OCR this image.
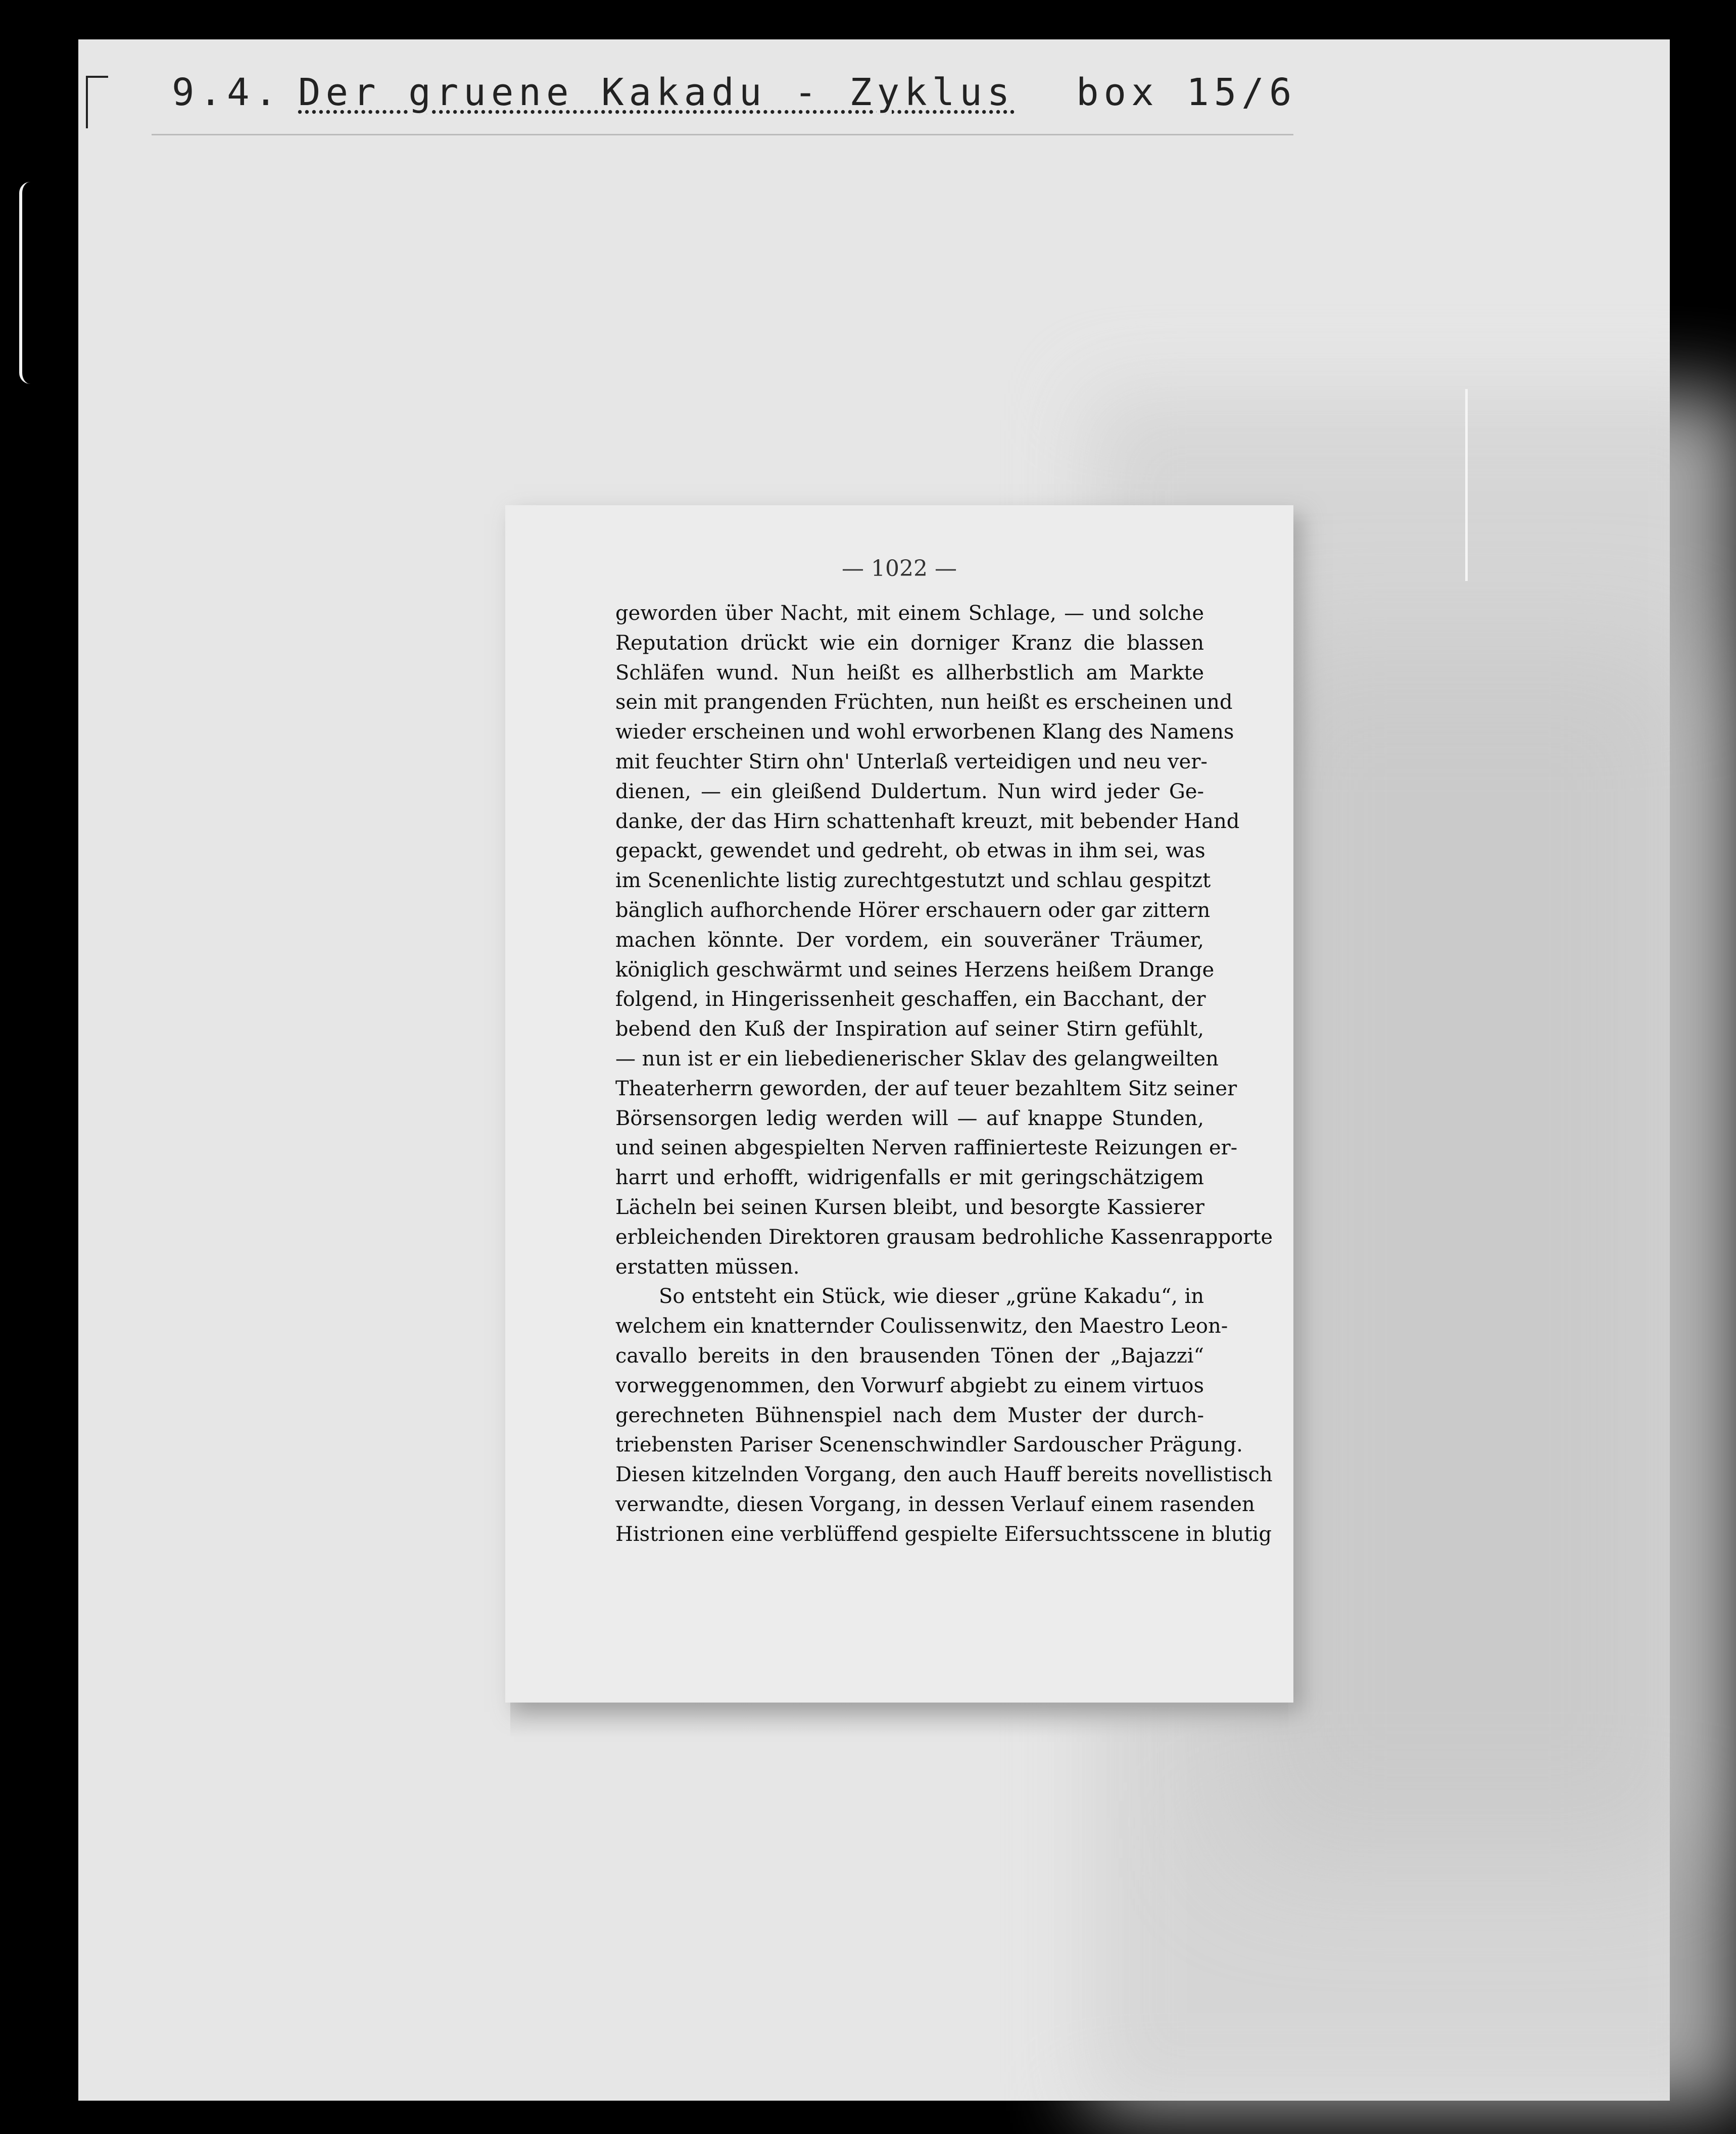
9.4. Der gruene Kakadu - Zyklus box 15/6
— 1022 —
geworden über Nacht, mit einem Schlage, — und solche
Reputation drückt wie ein dorniger Kranz die blassen
Schläfen wund. Nun heißt es allherbstlich am Markte
sein mit prangenden Früchten, nun heißt es erscheinen und
wieder erscheinen und wohl erworbenen Klang des Namens
mit feuchter Stirn ohn' Unterlaß verteidigen und neu ver-
dienen, — ein gleißend Duldertum. Nun wird jeder Ge-
danke, der das Hirn schattenhaft kreuzt, mit bebender Hand
gepackt, gewendet und gedreht, ob etwas in ihm sei, was
im Scenenlichte listig zurechtgestutzt und schlau gespitzt
bänglich aufhorchende Hörer erschauern oder gar zittern
machen könnte. Der vordem, ein souveräner Träumer,
königlich geschwärmt und seines Herzens heißem Drange
folgend, in Hingerissenheit geschaffen, ein Bacchant, der
bebend den Kuß der Inspiration auf seiner Stirn gefühlt,
— nun ist er ein liebedienerischer Sklav des gelangweilten
Theaterherrn geworden, der auf teuer bezahltem Sitz seiner
Börsensorgen ledig werden will — auf knappe Stunden,
und seinen abgespielten Nerven raffinierteste Reizungen er-
harrt und erhofft, widrigenfalls er mit geringschätzigem
Lächeln bei seinen Kursen bleibt, und besorgte Kassierer
erbleichenden Direktoren grausam bedrohliche Kassenrapporte
erstatten müssen.
So entsteht ein Stück, wie dieser „grüne Kakadu“, in
welchem ein knatternder Coulissenwitz, den Maestro Leon-
cavallo bereits in den brausenden Tönen der „Bajazzi“
vorweggenommen, den Vorwurf abgiebt zu einem virtuos
gerechneten Bühnenspiel nach dem Muster der durch-
triebensten Pariser Scenenschwindler Sardouscher Prägung.
Diesen kitzelnden Vorgang, den auch Hauff bereits novellistisch
verwandte, diesen Vorgang, in dessen Verlauf einem rasenden
Histrionen eine verblüffend gespielte Eifersuchtsscene in blutig
